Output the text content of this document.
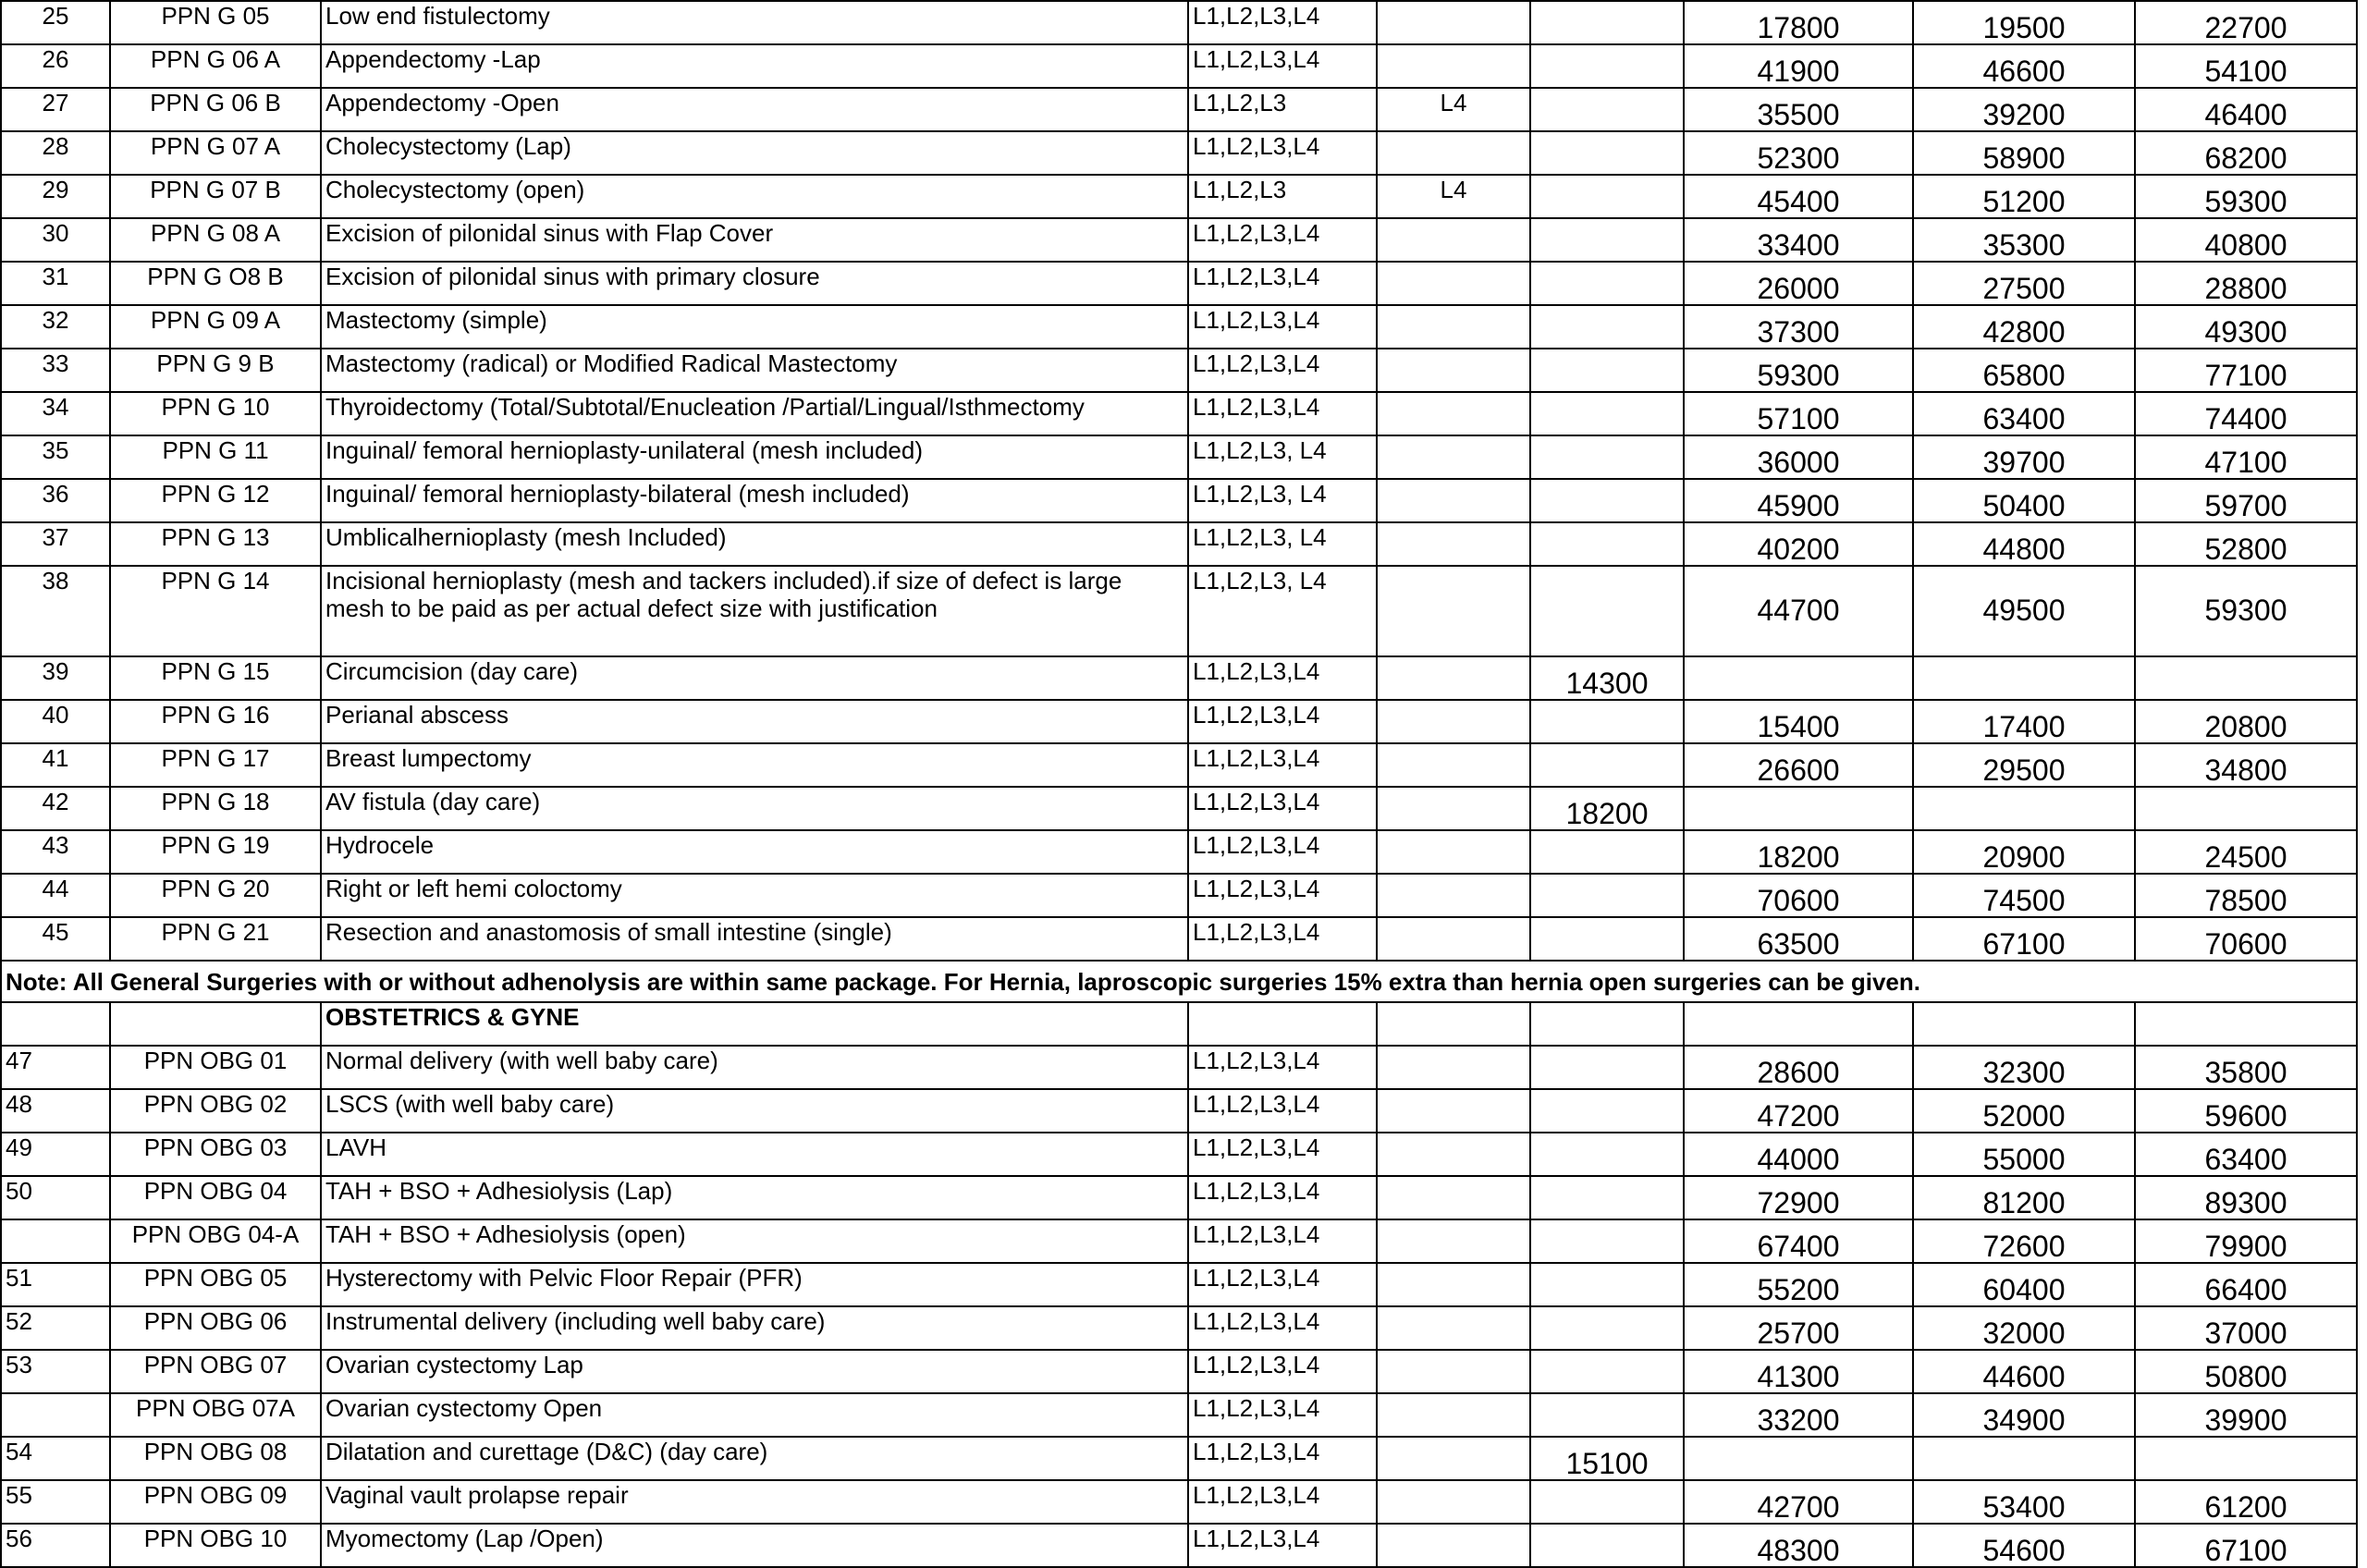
25	PPN G 05	Low end fistulectomy	L1,L2,L3,L4			17800	19500	22700
26	PPN G 06 A	Appendectomy -Lap	L1,L2,L3,L4			41900	46600	54100
27	PPN G 06 B	Appendectomy -Open	L1,L2,L3	L4		35500	39200	46400
28	PPN G 07 A	Cholecystectomy (Lap)	L1,L2,L3,L4			52300	58900	68200
29	PPN G 07 B	Cholecystectomy (open)	L1,L2,L3	L4		45400	51200	59300
30	PPN G 08 A	Excision of pilonidal sinus with Flap Cover	L1,L2,L3,L4			33400	35300	40800
31	PPN G O8 B	Excision of pilonidal sinus with primary closure	L1,L2,L3,L4			26000	27500	28800
32	PPN G 09 A	Mastectomy (simple)	L1,L2,L3,L4			37300	42800	49300
33	PPN G 9 B	Mastectomy (radical) or Modified Radical Mastectomy	L1,L2,L3,L4			59300	65800	77100
34	PPN G 10	Thyroidectomy (Total/Subtotal/Enucleation /Partial/Lingual/Isthmectomy	L1,L2,L3,L4			57100	63400	74400
35	PPN G 11	Inguinal/ femoral hernioplasty-unilateral (mesh included)	L1,L2,L3, L4			36000	39700	47100
36	PPN G 12	Inguinal/ femoral hernioplasty-bilateral (mesh included)	L1,L2,L3, L4			45900	50400	59700
37	PPN G 13	Umblicalhernioplasty (mesh Included)	L1,L2,L3, L4			40200	44800	52800
38	PPN G 14	Incisional hernioplasty (mesh and tackers included).if size of defect is large mesh to be paid as per actual defect size with justification	L1,L2,L3, L4			44700	49500	59300
39	PPN G 15	Circumcision (day care)	L1,L2,L3,L4		14300			
40	PPN G 16	Perianal abscess	L1,L2,L3,L4			15400	17400	20800
41	PPN G 17	Breast lumpectomy	L1,L2,L3,L4			26600	29500	34800
42	PPN G 18	AV fistula (day care)	L1,L2,L3,L4		18200			
43	PPN G 19	Hydrocele	L1,L2,L3,L4			18200	20900	24500
44	PPN G 20	Right or left hemi coloctomy	L1,L2,L3,L4			70600	74500	78500
45	PPN G 21	Resection and anastomosis of small intestine (single)	L1,L2,L3,L4			63500	67100	70600
Note: All General Surgeries with or without adhenolysis are within same package. For Hernia, laproscopic surgeries 15% extra than hernia open surgeries can be given.								
		OBSTETRICS & GYNE						
47	PPN OBG 01	Normal delivery (with well baby care)	L1,L2,L3,L4			28600	32300	35800
48	PPN OBG 02	LSCS (with well baby care)	L1,L2,L3,L4			47200	52000	59600
49	PPN OBG 03	LAVH	L1,L2,L3,L4			44000	55000	63400
50	PPN OBG 04	TAH + BSO + Adhesiolysis (Lap)	L1,L2,L3,L4			72900	81200	89300
	PPN OBG 04-A	TAH + BSO + Adhesiolysis (open)	L1,L2,L3,L4			67400	72600	79900
51	PPN OBG 05	Hysterectomy with Pelvic Floor Repair (PFR)	L1,L2,L3,L4			55200	60400	66400
52	PPN OBG 06	Instrumental delivery (including well baby care)	L1,L2,L3,L4			25700	32000	37000
53	PPN OBG 07	Ovarian cystectomy Lap	L1,L2,L3,L4			41300	44600	50800
	PPN OBG 07A	Ovarian cystectomy Open	L1,L2,L3,L4			33200	34900	39900
54	PPN OBG 08	Dilatation and curettage (D&C) (day care)	L1,L2,L3,L4		15100			
55	PPN OBG 09	Vaginal vault prolapse repair	L1,L2,L3,L4			42700	53400	61200
56	PPN OBG 10	Myomectomy (Lap /Open)	L1,L2,L3,L4			48300	54600	67100
